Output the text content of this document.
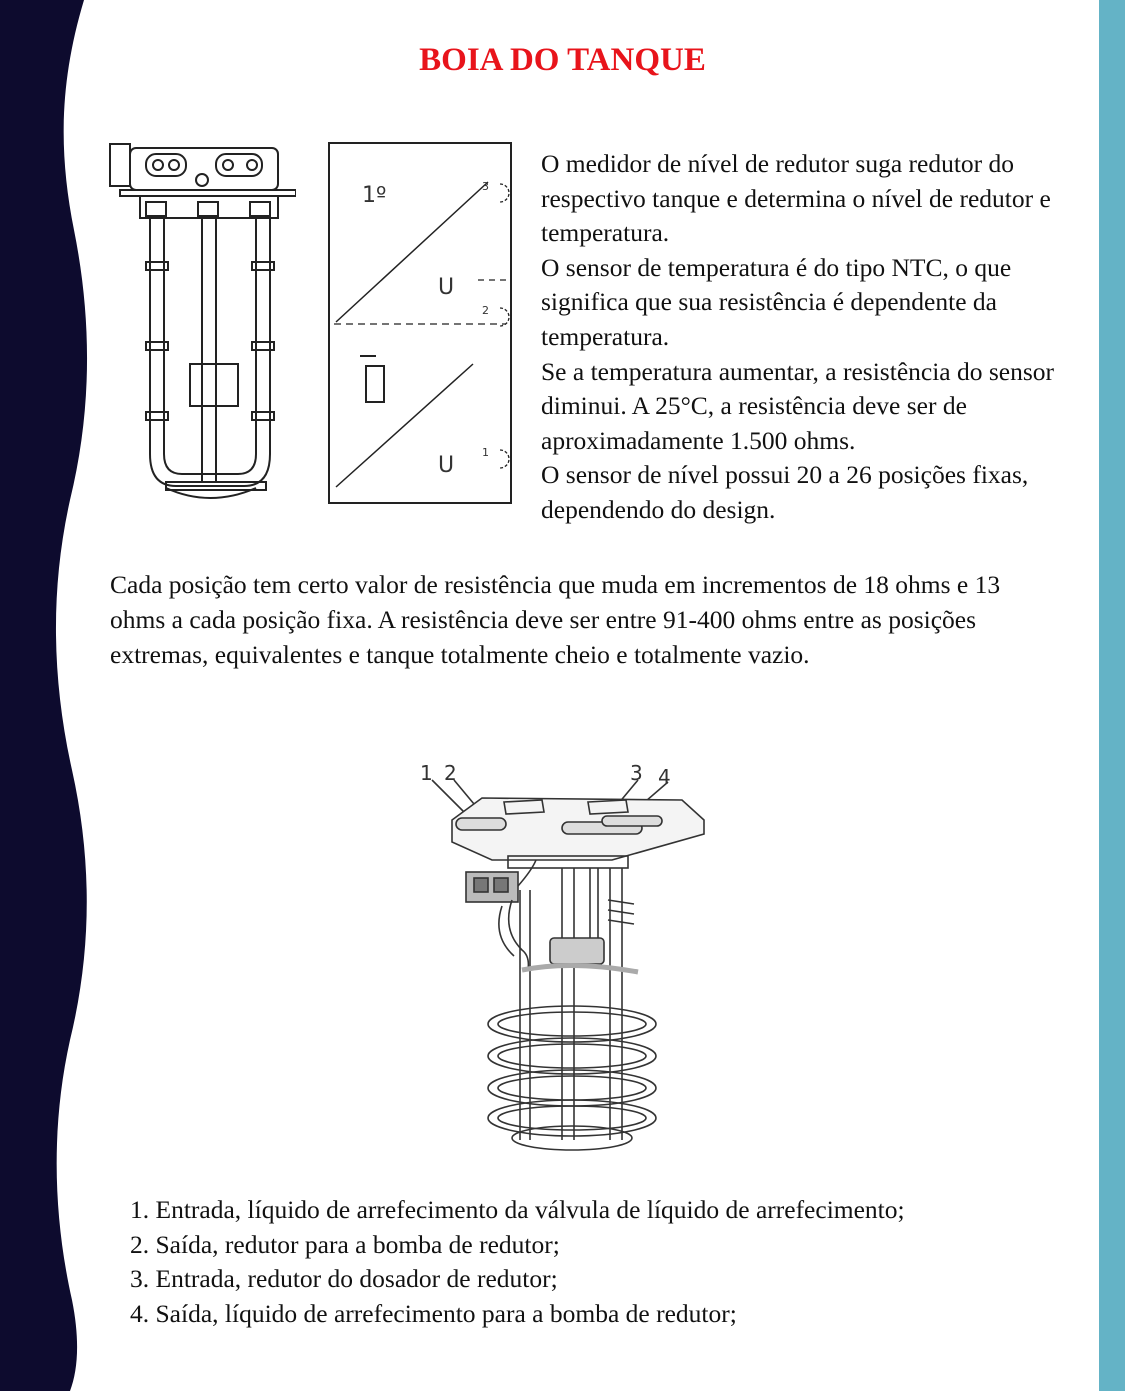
BOIA DO TANQUE
1º	3
2
1
U
U

O medidor de nível de redutor suga redutor do respectivo tanque e determina o nível de redutor e temperatura.

O sensor de temperatura é do tipo NTC, o que significa que sua resistência é dependente da temperatura.

Se a temperatura aumentar, a resistência do sensor diminui. A 25°C, a resistência deve ser de aproximadamente 1.500 ohms.

O sensor de nível possui 20 a 26 posições fixas, dependendo do design.

Cada posição tem certo valor de resistência que muda em incrementos de 18 ohms e 13 ohms a cada posição fixa. A resistência deve ser entre 91-400 ohms entre as posições extremas, equivalentes e tanque totalmente cheio e totalmente vazio.

1 2	3 4
1. Entrada, líquido de arrefecimento da válvula de líquido de arrefecimento;
2. Saída, redutor para a bomba de redutor;
3. Entrada, redutor do dosador de redutor;
4. Saída, líquido de arrefecimento para a bomba de redutor;
